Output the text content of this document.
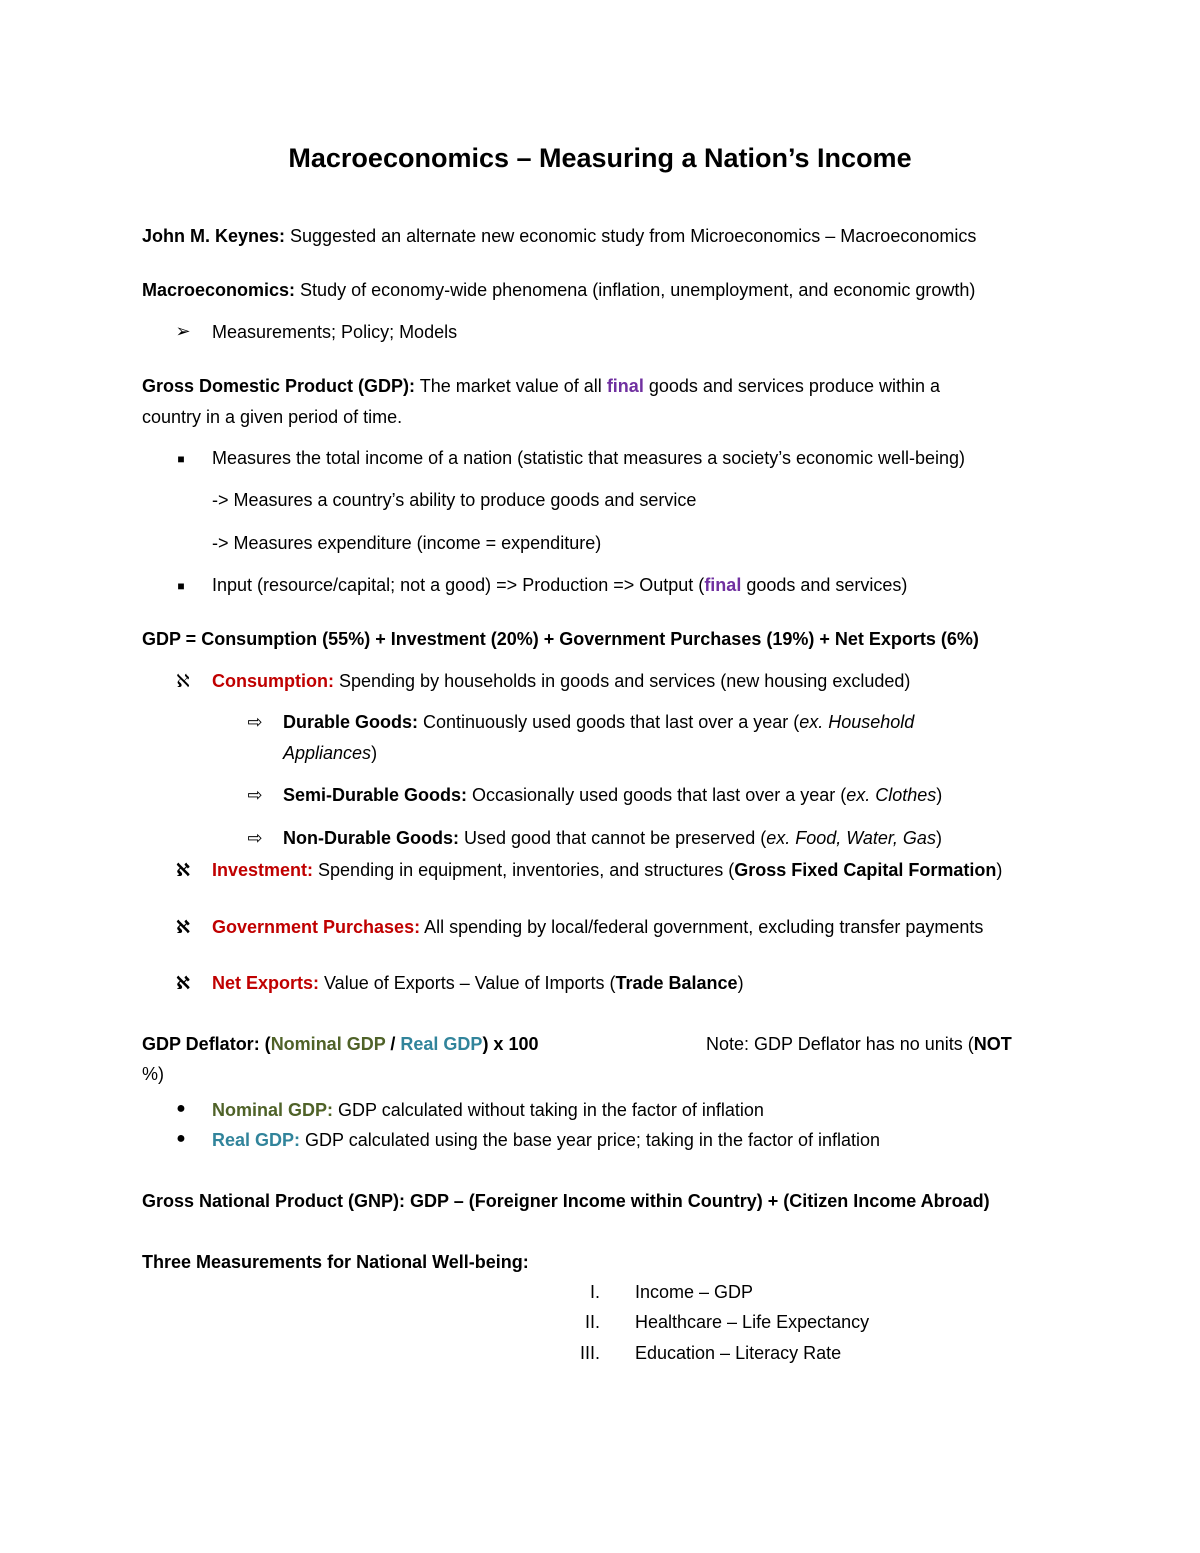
Macroeconomics – Measuring a Nation’s Income
John M. Keynes: Suggested an alternate new economic study from Microeconomics – Macroeconomics
Macroeconomics: Study of economy-wide phenomena (inflation, unemployment, and economic growth)
➢	Measurements; Policy; Models
Gross Domestic Product (GDP): The market value of all final goods and services produce within a
country in a given period of time.
■	Measures the total income of a nation (statistic that measures a society’s economic well-being)
-> Measures a country’s ability to produce goods and service
-> Measures expenditure (income = expenditure)
■	Input (resource/capital; not a good) => Production => Output (final goods and services)
GDP = Consumption (55%) + Investment (20%) + Government Purchases (19%) + Net Exports (6%)
ℵ	Consumption: Spending by households in goods and services (new housing excluded)
⇨	Durable Goods: Continuously used goods that last over a year (ex. Household
Appliances)
⇨	Semi-Durable Goods: Occasionally used goods that last over a year (ex. Clothes)
⇨	Non-Durable Goods: Used good that cannot be preserved (ex. Food, Water, Gas)
ℵ	Investment: Spending in equipment, inventories, and structures (Gross Fixed Capital Formation)
ℵ	Government Purchases: All spending by local/federal government, excluding transfer payments
ℵ	Net Exports: Value of Exports – Value of Imports (Trade Balance)
GDP Deflator: (Nominal GDP / Real GDP) x 100	Note: GDP Deflator has no units (NOT
%)
●	Nominal GDP: GDP calculated without taking in the factor of inflation
●	Real GDP: GDP calculated using the base year price; taking in the factor of inflation
Gross National Product (GNP): GDP – (Foreigner Income within Country) + (Citizen Income Abroad)
Three Measurements for National Well-being:
I. Income – GDP
II. Healthcare – Life Expectancy
III. Education – Literacy Rate
